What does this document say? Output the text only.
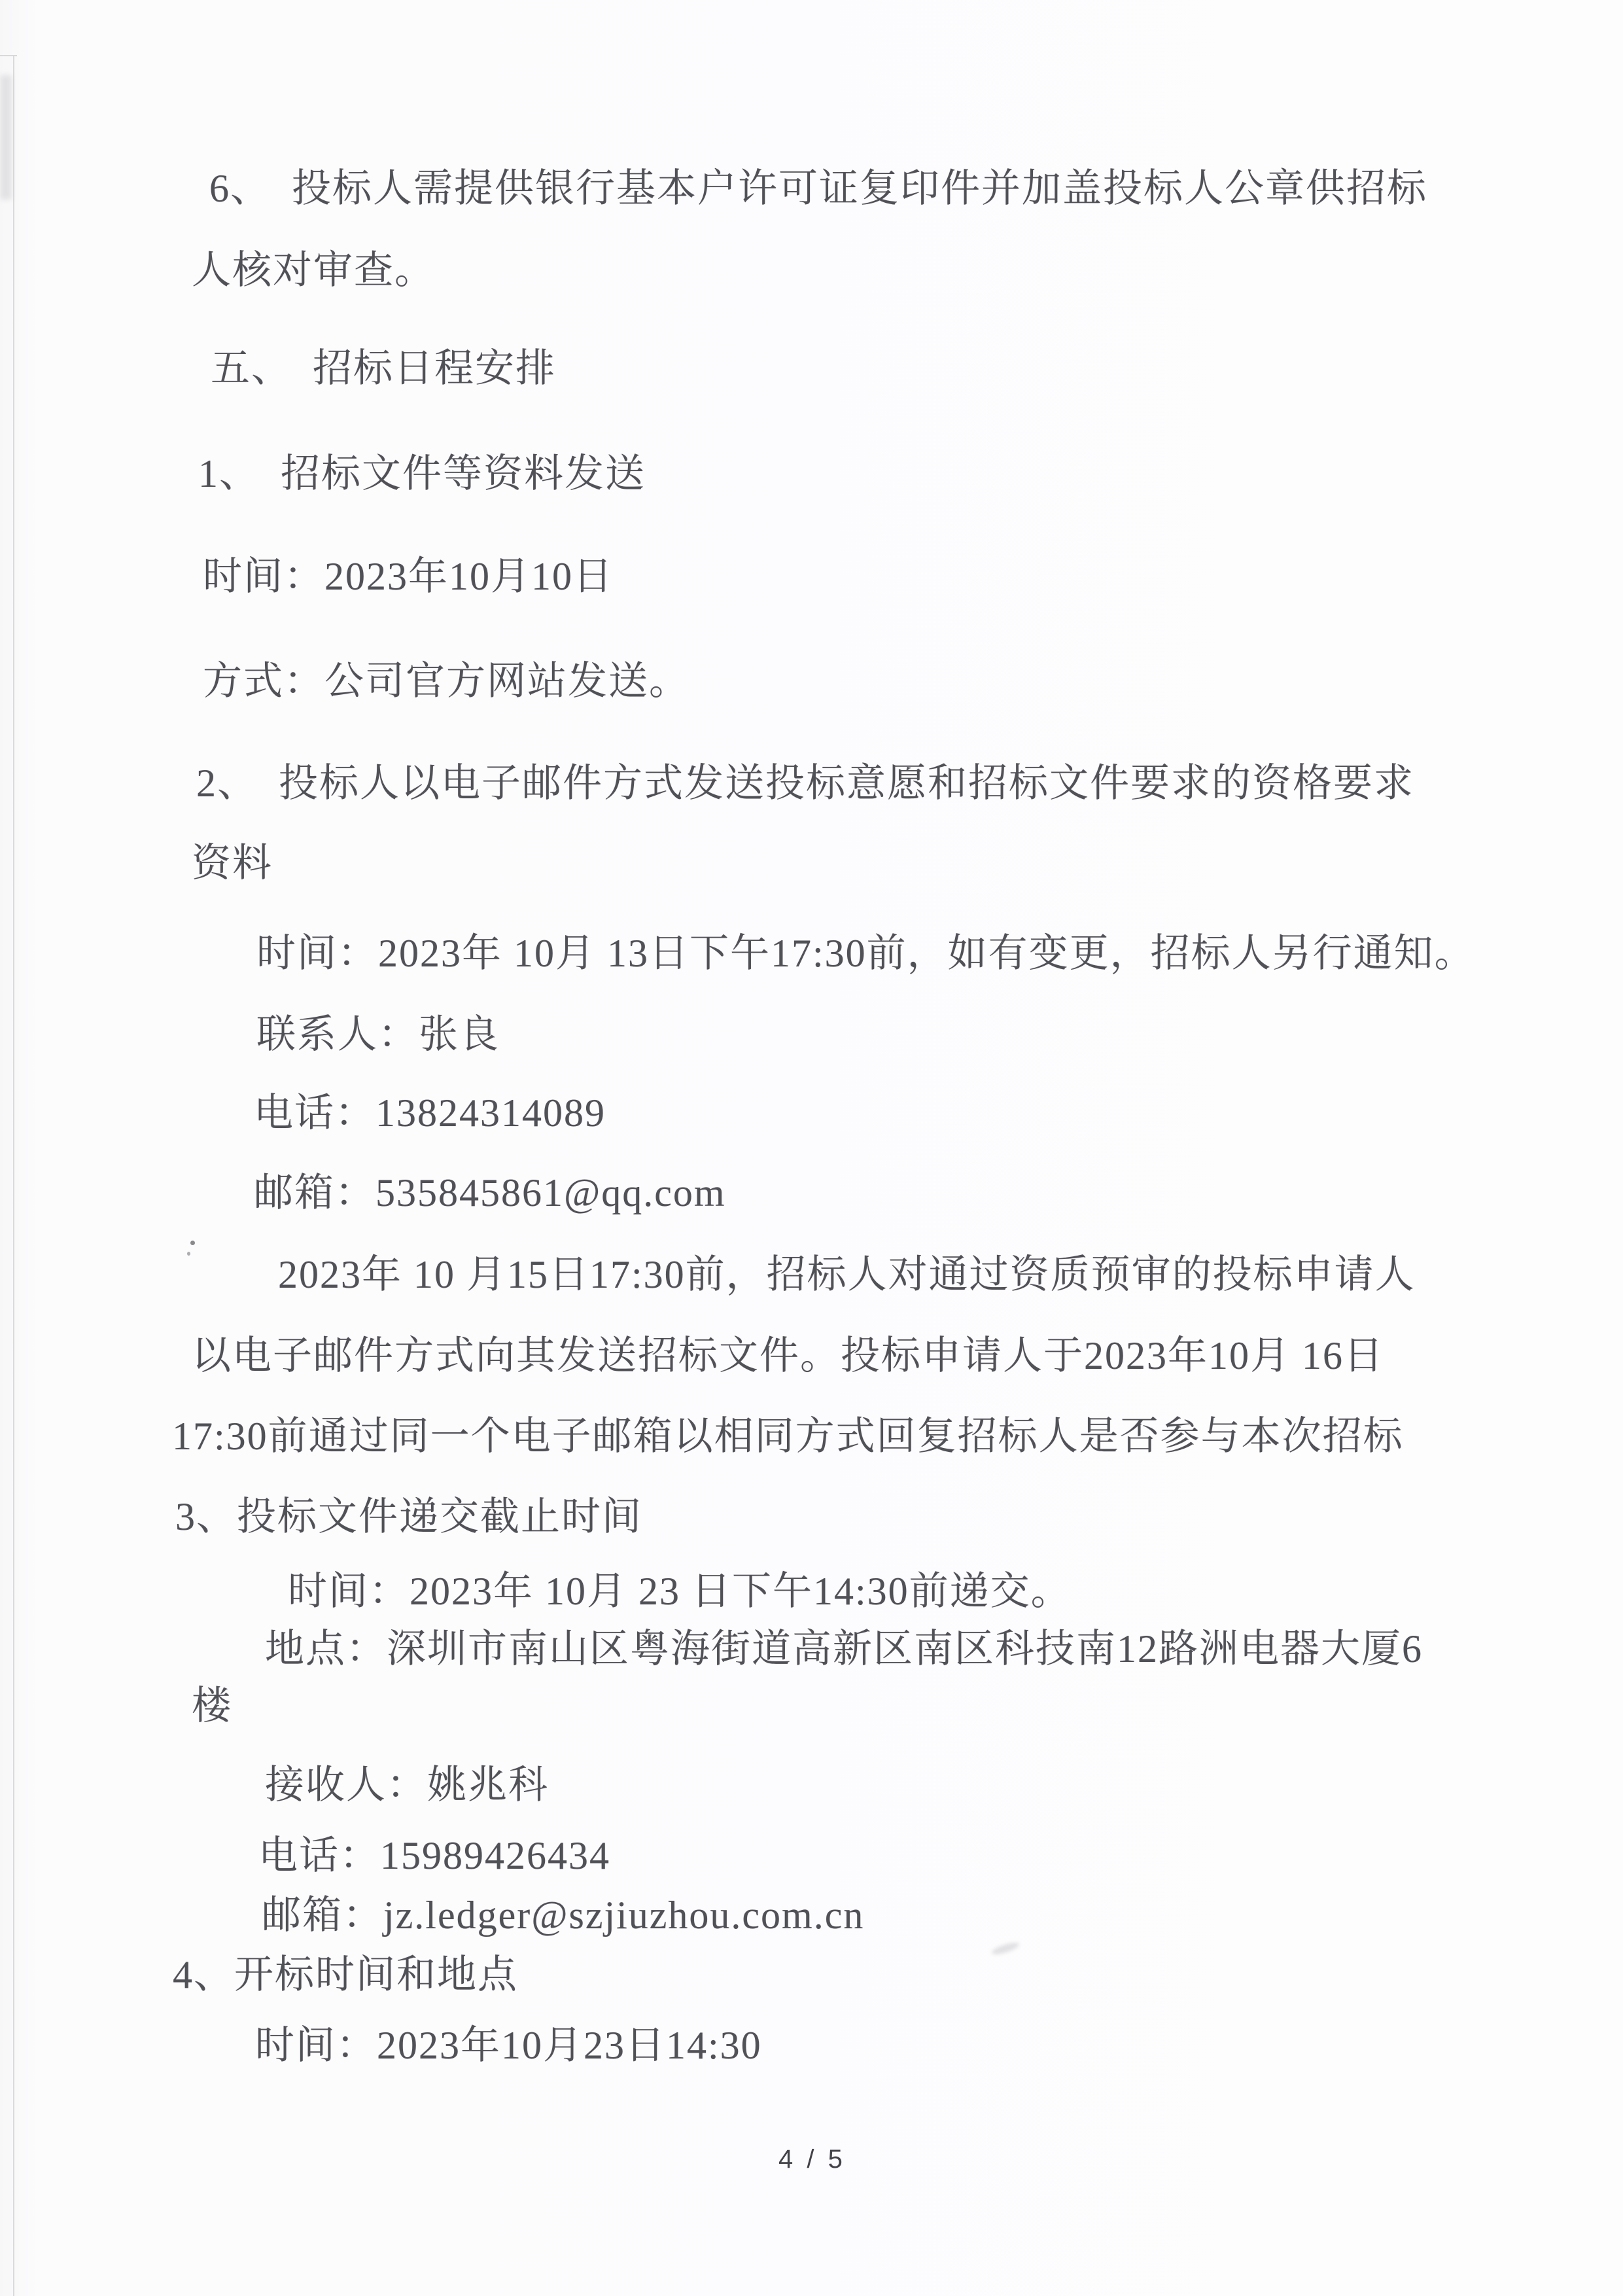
6、　投标人需提供银行基本户许可证复印件并加盖投标人公章供招标
人核对审查。
五、　招标日程安排
1、　招标文件等资料发送
时间：2023年10月10日
方式：公司官方网站发送。
2、　投标人以电子邮件方式发送投标意愿和招标文件要求的资格要求
资料
时间：2023年 10月 13日下午17:30前，如有变更，招标人另行通知。
联系人：张良
电话：13824314089
邮箱：535845861@qq.com
2023年 10 月15日17:30前，招标人对通过资质预审的投标申请人
以电子邮件方式向其发送招标文件。投标申请人于2023年10月 16日
17:30前通过同一个电子邮箱以相同方式回复招标人是否参与本次招标
3、投标文件递交截止时间
时间：2023年 10月 23 日下午14:30前递交。
地点：深圳市南山区粤海街道高新区南区科技南12路洲电器大厦6
楼
接收人：姚兆科
电话：15989426434
邮箱：jz.ledger@szjiuzhou.com.cn
4、开标时间和地点
时间：2023年10月23日14:30
4 / 5
